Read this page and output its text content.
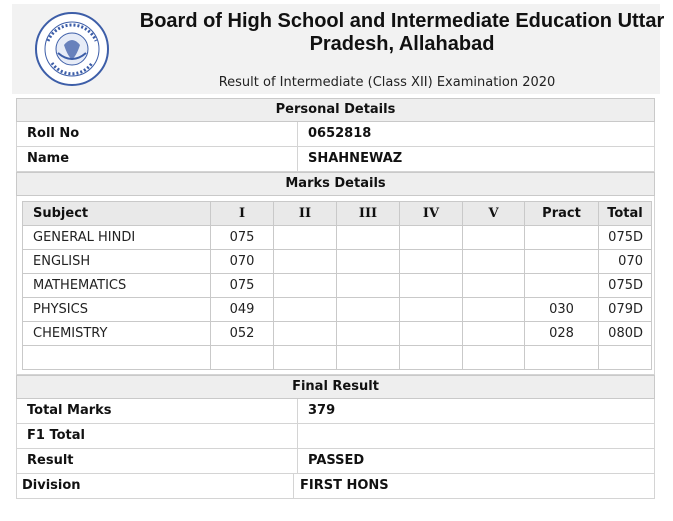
Board of High School and Intermediate Education Uttar Pradesh, Allahabad
Result of Intermediate (Class XII) Examination 2020
Personal Details
Roll No	0652818
Name	SHAHNEWAZ
Marks Details
Subject	I	II	III	IV	V	Pract	Total
GENERAL HINDI	075						075D
ENGLISH	070						070
MATHEMATICS	075						075D
PHYSICS	049					030	079D
CHEMISTRY	052					028	080D

Final Result
Total Marks	379
F1 Total
Result	PASSED
Division	FIRST HONS
